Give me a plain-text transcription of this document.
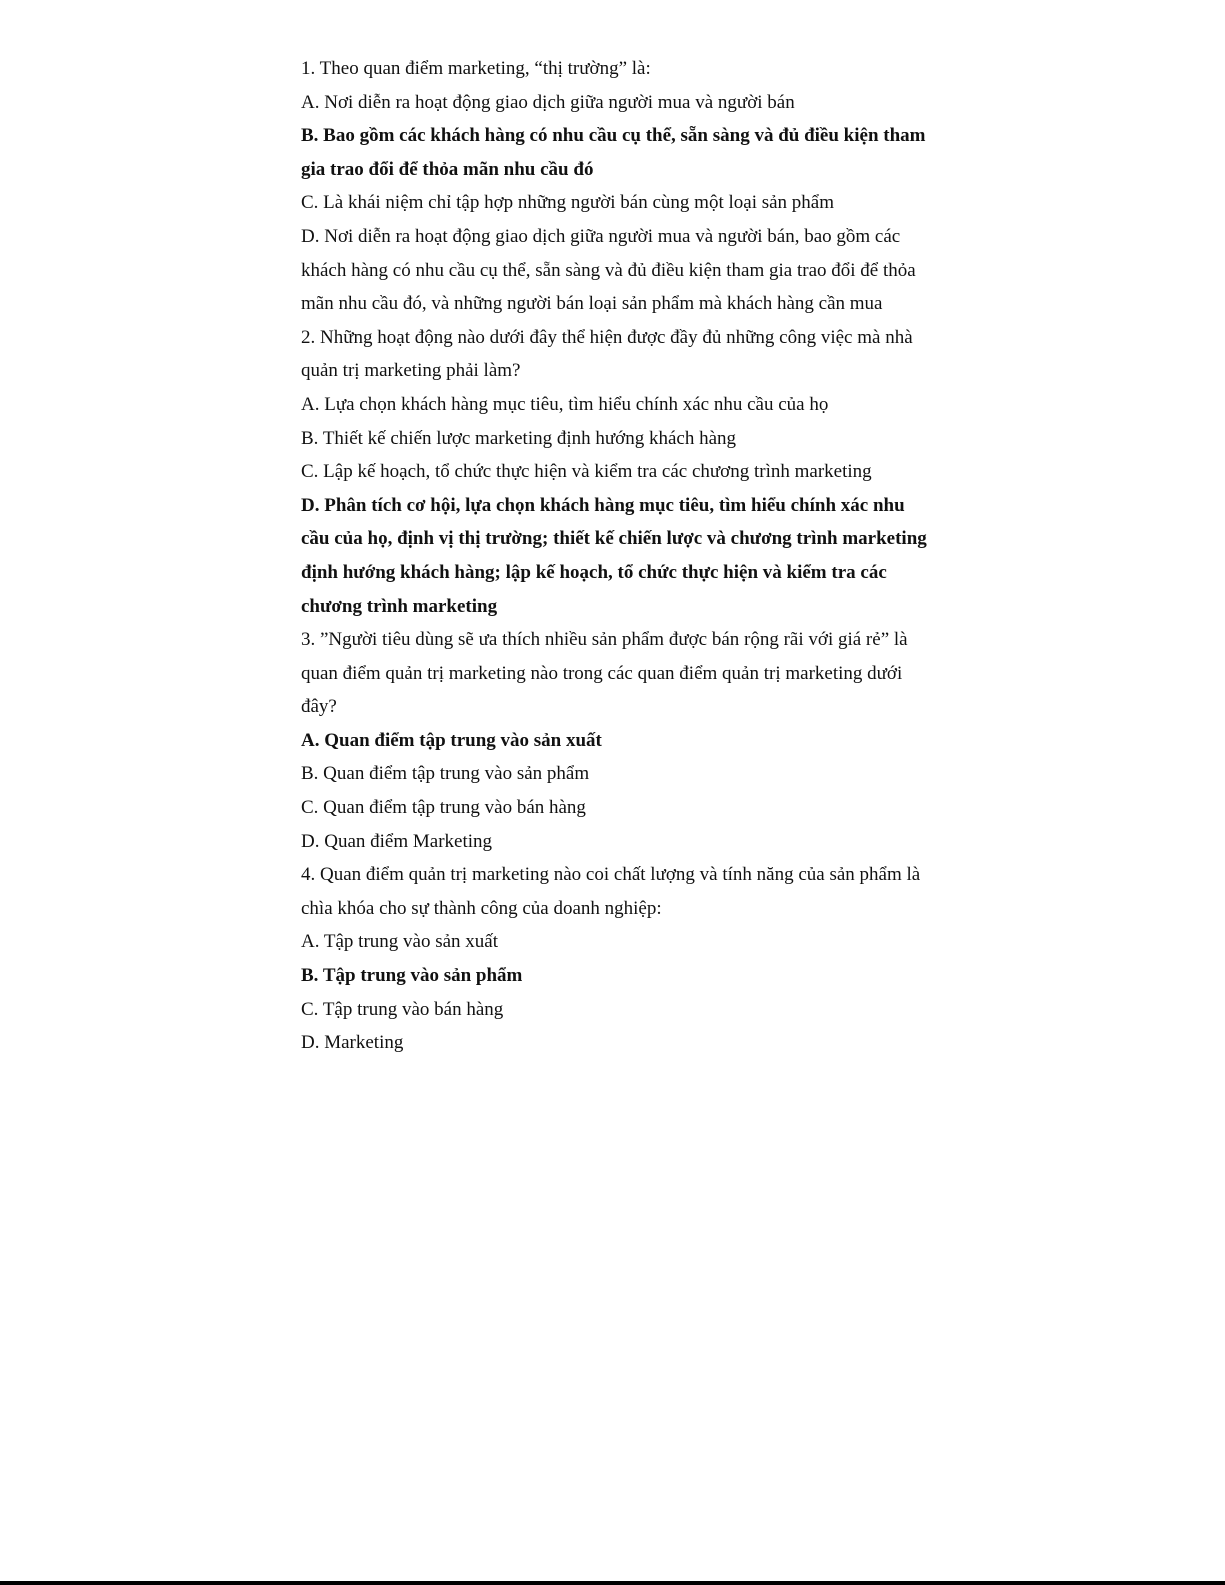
1. Theo quan điểm marketing, “thị trường” là:

A. Nơi diễn ra hoạt động giao dịch giữa người mua và người bán

B. Bao gồm các khách hàng có nhu cầu cụ thể, sẵn sàng và đủ điều kiện tham gia trao đổi để thỏa mãn nhu cầu đó

C. Là khái niệm chỉ tập hợp những người bán cùng một loại sản phẩm

D. Nơi diễn ra hoạt động giao dịch giữa người mua và người bán, bao gồm các khách hàng có nhu cầu cụ thể, sẵn sàng và đủ điều kiện tham gia trao đổi để thỏa mãn nhu cầu đó, và những người bán loại sản phẩm mà khách hàng cần mua

2. Những hoạt động nào dưới đây thể hiện được đầy đủ những công việc mà nhà quản trị marketing phải làm?

A. Lựa chọn khách hàng mục tiêu, tìm hiểu chính xác nhu cầu của họ

B. Thiết kế chiến lược marketing định hướng khách hàng

C. Lập kế hoạch, tổ chức thực hiện và kiểm tra các chương trình marketing

D. Phân tích cơ hội, lựa chọn khách hàng mục tiêu, tìm hiểu chính xác nhu cầu của họ, định vị thị trường; thiết kế chiến lược và chương trình marketing định hướng khách hàng; lập kế hoạch, tổ chức thực hiện và kiểm tra các chương trình marketing

3. ”Người tiêu dùng sẽ ưa thích nhiều sản phẩm được bán rộng rãi với giá rẻ” là quan điểm quản trị marketing nào trong các quan điểm quản trị marketing dưới đây?

A. Quan điểm tập trung vào sản xuất

B. Quan điểm tập trung vào sản phẩm

C. Quan điểm tập trung vào bán hàng

D. Quan điểm Marketing

4. Quan điểm quản trị marketing nào coi chất lượng và tính năng của sản phẩm là chìa khóa cho sự thành công của doanh nghiệp:

A. Tập trung vào sản xuất

B. Tập trung vào sản phẩm

C. Tập trung vào bán hàng

D. Marketing
